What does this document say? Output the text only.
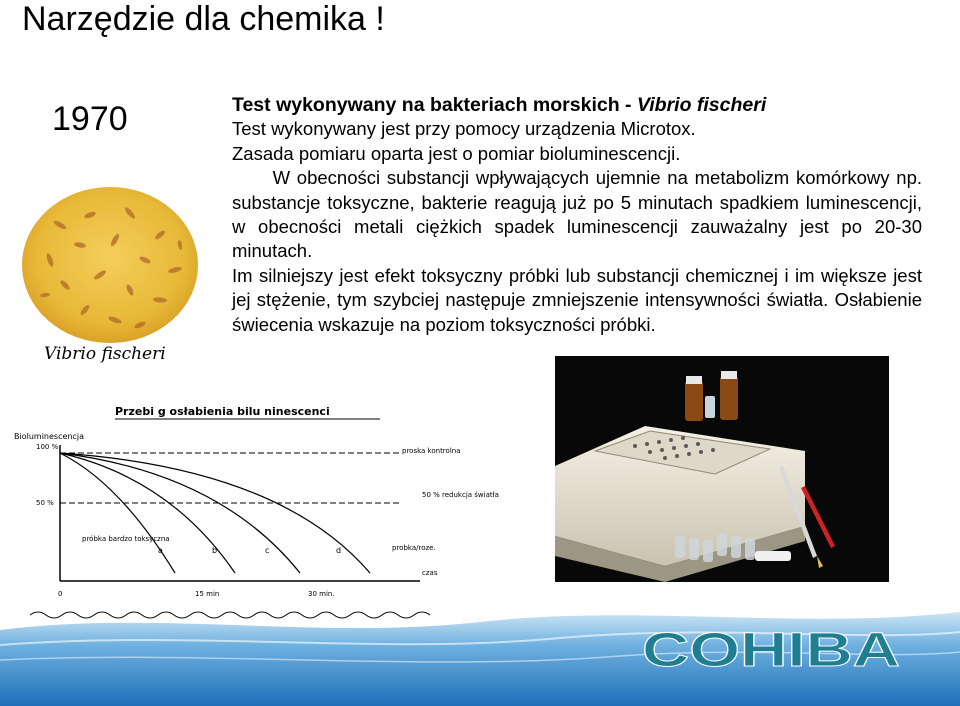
Narzędzie dla chemika !
1970
Vibrio fischeri

Test wykonywany na bakteriach morskich - Vibrio fischeri

Test wykonywany jest przy pomocy urządzenia Microtox.

Zasada pomiaru oparta jest o pomiar bioluminescencji.

W obecności substancji wpływających ujemnie na metabolizm komórkowy np. substancje toksyczne, bakterie reagują już po 5 minutach spadkiem luminescencji, w obecności metali ciężkich spadek luminescencji zauważalny jest po 20-30 minutach.

Im silniejszy jest efekt toksyczny próbki lub substancji chemicznej i im większe jest jej stężenie, tym szybciej następuje zmniejszenie intensywności światła. Osłabienie świecenia wskazuje na poziom toksyczności próbki.

Przebi g osłabienia bilu ninescenci
Bioluminescencja
100 %
50 %
proska kontrolna
50 % redukcja światła
próbka bardzo toksyczna
probka/roze.
czas
a	b	c	d
0	15 min	30 min.
COHIBA
